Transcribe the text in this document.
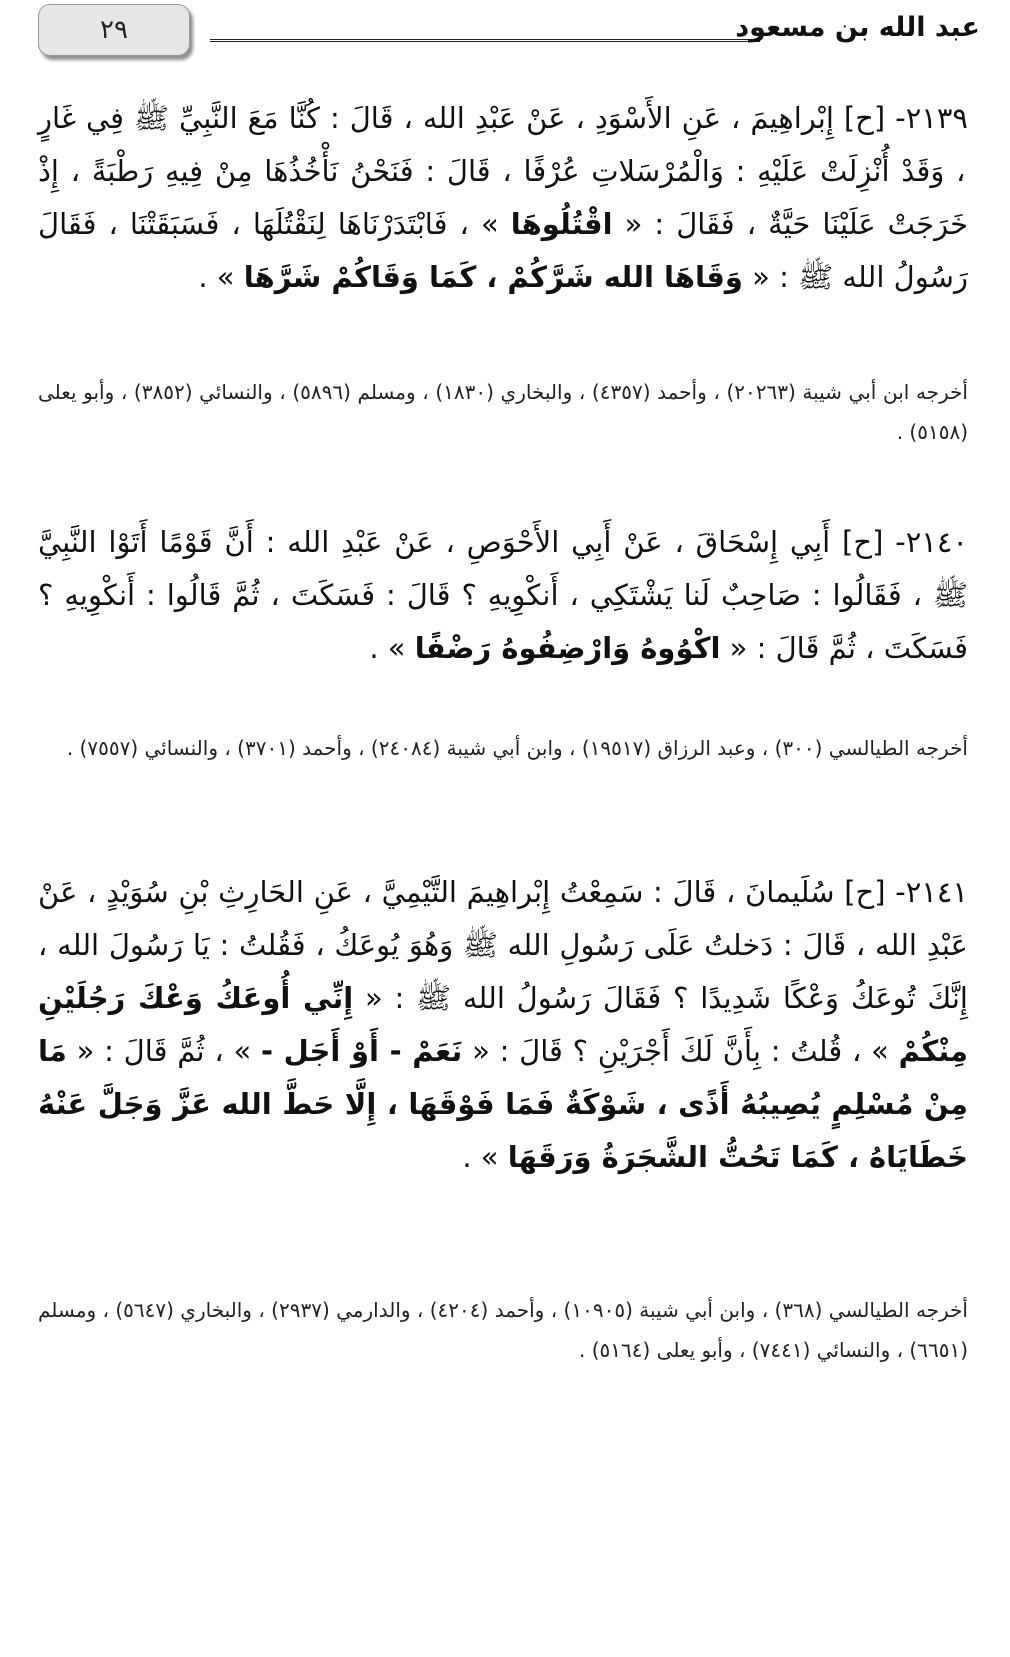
٢٩	عبد الله بن مسعود
٢١٣٩- [ح] إِبْراهِيمَ ، عَنِ الأَسْوَدِ ، عَنْ عَبْدِ الله ، قَالَ : كُنَّا مَعَ النَّبِيِّ ﷺ فِي غَارٍ ، وَقَدْ أُنْزِلَتْ عَلَيْهِ : وَالْمُرْسَلاتِ عُرْفًا ، قَالَ : فَنَحْنُ نَأْخُذُهَا مِنْ فِيهِ رَطْبَةً ، إِذْ خَرَجَتْ عَلَيْنَا حَيَّةٌ ، فَقَالَ : « اقْتُلُوهَا » ، فَابْتَدَرْنَاهَا لِنَقْتُلَهَا ، فَسَبَقَتْنَا ، فَقَالَ رَسُولُ الله ﷺ : « وَقَاهَا الله شَرَّكُمْ ، كَمَا وَقَاكُمْ شَرَّهَا » .
أخرجه ابن أبي شيبة (٢٠٢٦٣) ، وأحمد (٤٣٥٧) ، والبخاري (١٨٣٠) ، ومسلم (٥٨٩٦) ، والنسائي (٣٨٥٢) ، وأبو يعلى (٥١٥٨) .
٢١٤٠- [ح] أَبِي إِسْحَاقَ ، عَنْ أَبِي الأَحْوَصِ ، عَنْ عَبْدِ الله : أَنَّ قَوْمًا أَتَوْا النَّبِيَّ ﷺ ، فَقَالُوا : صَاحِبٌ لَنا يَشْتَكِي ، أَنكْوِيهِ ؟ قَالَ : فَسَكَتَ ، ثُمَّ قَالُوا : أَنكْوِيهِ ؟ فَسَكَتَ ، ثُمَّ قَالَ : « اكْوُوهُ وَارْضِفُوهُ رَضْفًا » .
أخرجه الطيالسي (٣٠٠) ، وعبد الرزاق (١٩٥١٧) ، وابن أبي شيبة (٢٤٠٨٤) ، وأحمد (٣٧٠١) ، والنسائي (٧٥٥٧) .
٢١٤١- [ح] سُلَيمانَ ، قَالَ : سَمِعْتُ إِبْراهِيمَ التَّيْمِيَّ ، عَنِ الحَارِثِ بْنِ سُوَيْدٍ ، عَنْ عَبْدِ الله ، قَالَ : دَخلتُ عَلَى رَسُولِ الله ﷺ وَهُوَ يُوعَكُ ، فَقُلتُ : يَا رَسُولَ الله ، إِنَّكَ تُوعَكُ وَعْكًا شَدِيدًا ؟ فَقَالَ رَسُولُ الله ﷺ : « إِنِّي أُوعَكُ وَعْكَ رَجُلَيْنِ مِنْكُمْ » ، قُلتُ : بِأَنَّ لَكَ أَجْرَيْنِ ؟ قَالَ : « نَعَمْ - أَوْ أَجَل - » ، ثُمَّ قَالَ : « مَا مِنْ مُسْلِمٍ يُصِيبُهُ أَذًى ، شَوْكَةٌ فَمَا فَوْقَهَا ، إِلَّا حَطَّ الله عَزَّ وَجَلَّ عَنْهُ خَطَايَاهُ ، كَمَا تَحُتُّ الشَّجَرَةُ وَرَقَهَا » .
أخرجه الطيالسي (٣٦٨) ، وابن أبي شيبة (١٠٩٠٥) ، وأحمد (٤٢٠٤) ، والدارمي (٢٩٣٧) ، والبخاري (٥٦٤٧) ، ومسلم (٦٦٥١) ، والنسائي (٧٤٤١) ، وأبو يعلى (٥١٦٤) .
